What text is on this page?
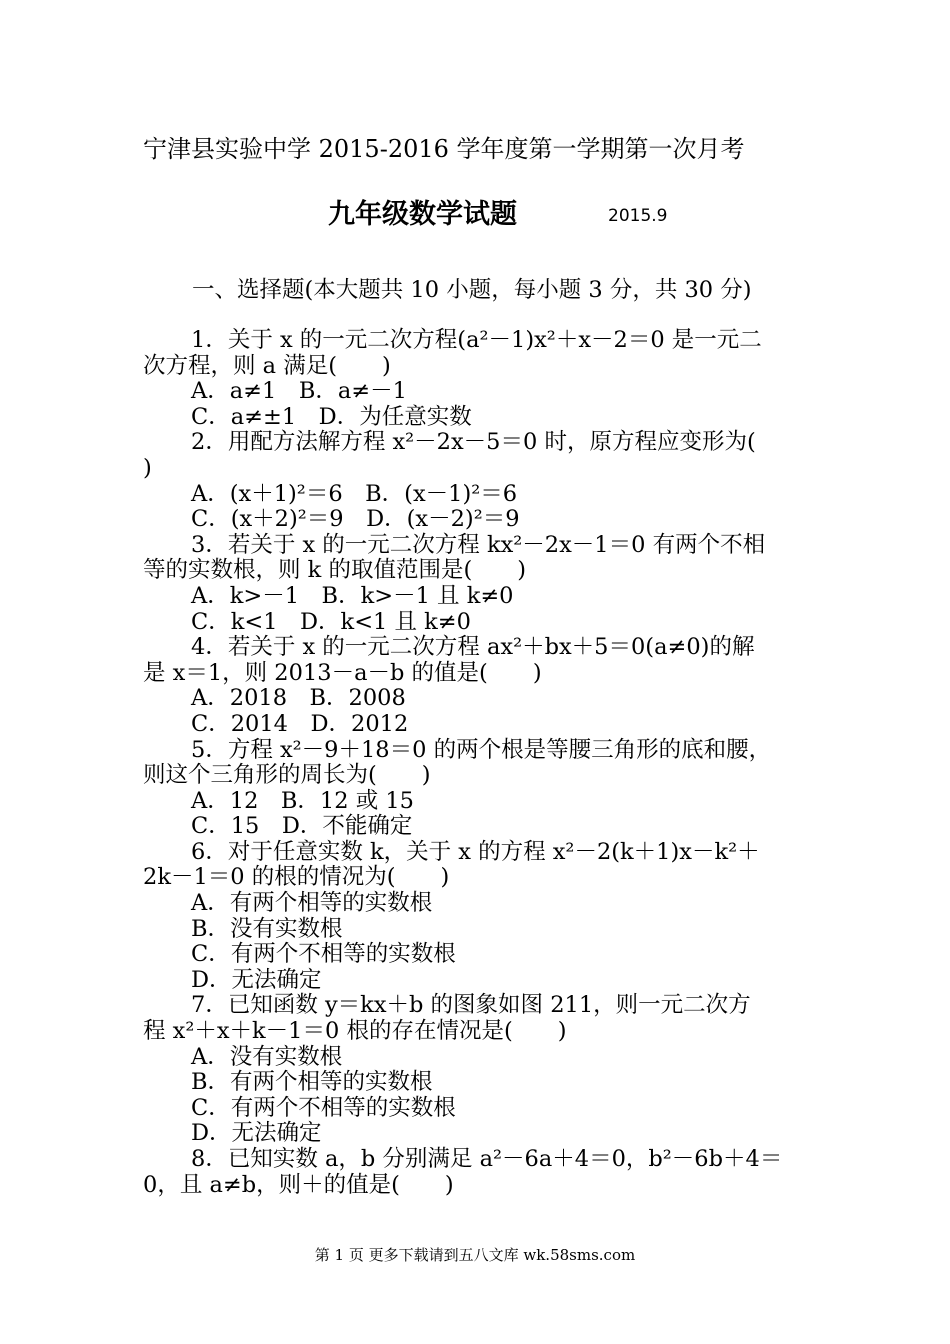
宁津县实验中学 2015-2016 学年度第一学期第一次月考
九年级数学试题	2015.9
一、选择题(本大题共 10 小题，每小题 3 分，共 30 分)
1．关于 x 的一元二次方程(a²－1)x²＋x－2＝0 是一元二
次方程，则 a 满足(　　)
A．a≠1　B．a≠－1
C．a≠±1　D．为任意实数
2．用配方法解方程 x²－2x－5＝0 时，原方程应变形为(
)
A．(x＋1)²＝6　B．(x－1)²＝6
C．(x＋2)²＝9　D．(x－2)²＝9
3．若关于 x 的一元二次方程 kx²－2x－1＝0 有两个不相
等的实数根，则 k 的取值范围是(　　)
A．k>－1　B．k>－1 且 k≠0
C．k<1　D．k<1 且 k≠0
4．若关于 x 的一元二次方程 ax²＋bx＋5＝0(a≠0)的解
是 x＝1，则 2013－a－b 的值是(　　)
A．2018　B．2008
C．2014　D．2012
5．方程 x²－9＋18＝0 的两个根是等腰三角形的底和腰，
则这个三角形的周长为(　　)
A．12　B．12 或 15
C．15　D．不能确定
6．对于任意实数 k，关于 x 的方程 x²－2(k＋1)x－k²＋
2k－1＝0 的根的情况为(　　)
A．有两个相等的实数根
B．没有实数根
C．有两个不相等的实数根
D．无法确定
7．已知函数 y＝kx＋b 的图象如图 211，则一元二次方
程 x²＋x＋k－1＝0 根的存在情况是(　　)
A．没有实数根
B．有两个相等的实数根
C．有两个不相等的实数根
D．无法确定
8．已知实数 a，b 分别满足 a²－6a＋4＝0，b²－6b＋4＝
0，且 a≠b，则＋的值是(　　)
第 1 页 更多下载请到五八文库 wk.58sms.com
